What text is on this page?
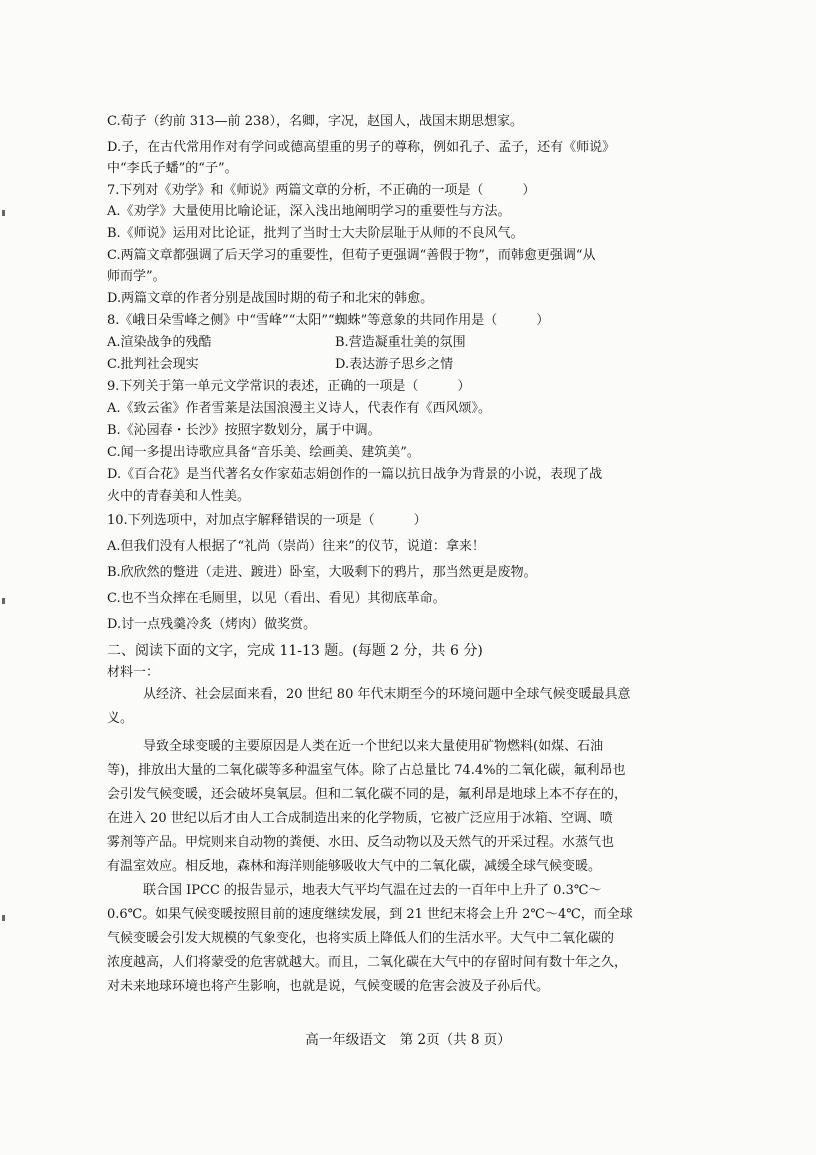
C.荀子（约前 313—前 238），名卿，字况，赵国人，战国末期思想家。
D.子，在古代常用作对有学问或德高望重的男子的尊称，例如孔子、孟子，还有《师说》
中“李氏子蟠”的“子”。
7.下列对《劝学》和《师说》两篇文章的分析，不正确的一项是（　　　）
A.《劝学》大量使用比喻论证，深入浅出地阐明学习的重要性与方法。
B.《师说》运用对比论证，批判了当时士大夫阶层耻于从师的不良风气。
C.两篇文章都强调了后天学习的重要性，但荀子更强调“善假于物”，而韩愈更强调“从
师而学”。
D.两篇文章的作者分别是战国时期的荀子和北宋的韩愈。
8.《峨日朵雪峰之侧》中“雪峰”“太阳”“蜘蛛”等意象的共同作用是（　　　）
A.渲染战争的残酷	B.营造凝重壮美的氛围
C.批判社会现实	D.表达游子思乡之情
9.下列关于第一单元文学常识的表述，正确的一项是（　　　）
A.《致云雀》作者雪莱是法国浪漫主义诗人，代表作有《西风颂》。
B.《沁园春・长沙》按照字数划分，属于中调。
C.闻一多提出诗歌应具备“音乐美、绘画美、建筑美”。
D.《百合花》是当代著名女作家茹志娟创作的一篇以抗日战争为背景的小说，表现了战
火中的青春美和人性美。
10.下列选项中，对加点字解释错误的一项是（　　　）
A.但我们没有人根据了“礼尚（崇尚）往来”的仪节，说道：拿来！
B.欣欣然的蹩进（走进、踱进）卧室，大吸剩下的鸦片，那当然更是废物。
C.也不当众摔在毛厕里，以见（看出、看见）其彻底革命。
D.讨一点残羹冷炙（烤肉）做奖赏。
二、阅读下面的文字，完成 11-13 题。(每题 2 分，共 6 分)
材料一：
从经济、社会层面来看，20 世纪 80 年代末期至今的环境问题中全球气候变暖最具意
义。
导致全球变暖的主要原因是人类在近一个世纪以来大量使用矿物燃料(如煤、石油
等)，排放出大量的二氧化碳等多种温室气体。除了占总量比 74.4%的二氧化碳，氟利昂也
会引发气候变暖，还会破坏臭氧层。但和二氧化碳不同的是，氟利昂是地球上本不存在的，
在进入 20 世纪以后才由人工合成制造出来的化学物质，它被广泛应用于冰箱、空调、喷
雾剂等产品。甲烷则来自动物的粪便、水田、反刍动物以及天然气的开采过程。水蒸气也
有温室效应。相反地，森林和海洋则能够吸收大气中的二氧化碳，减缓全球气候变暖。
联合国 IPCC 的报告显示，地表大气平均气温在过去的一百年中上升了 0.3℃～
0.6℃。如果气候变暖按照目前的速度继续发展，到 21 世纪末将会上升 2℃～4℃，而全球
气候变暖会引发大规模的气象变化，也将实质上降低人们的生活水平。大气中二氧化碳的
浓度越高，人们将蒙受的危害就越大。而且，二氧化碳在大气中的存留时间有数十年之久，
对未来地球环境也将产生影响，也就是说，气候变暖的危害会波及子孙后代。
高一年级语文　第 2页（共 8 页）
